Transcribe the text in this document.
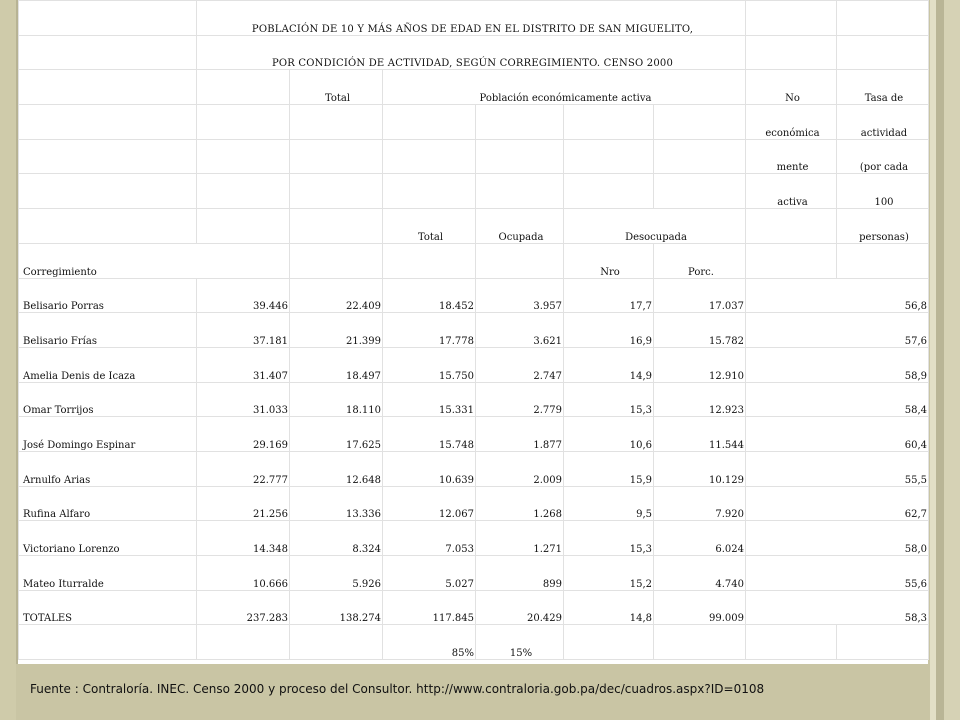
	POBLACIÓN DE 10 Y MÁS AÑOS DE EDAD EN EL DISTRITO DE SAN MIGUELITO,							
	POR CONDICIÓN DE ACTIVIDAD, SEGÚN CORREGIMIENTO. CENSO 2000							
		Total	Población económicamente activa				No	Tasa de
							económica	actividad
							mente	(por cada
							activa	100
			Total	Ocupada	Desocupada			personas)
Corregimiento					Nro	Porc.		
Belisario Porras	39.446	22.409	18.452	3.957	17,7	17.037	56,8	
Belisario Frías	37.181	21.399	17.778	3.621	16,9	15.782	57,6	
Amelia Denis de Icaza	31.407	18.497	15.750	2.747	14,9	12.910	58,9	
Omar Torrijos	31.033	18.110	15.331	2.779	15,3	12.923	58,4	
José Domingo Espinar	29.169	17.625	15.748	1.877	10,6	11.544	60,4	
Arnulfo Arias	22.777	12.648	10.639	2.009	15,9	10.129	55,5	
Rufina Alfaro	21.256	13.336	12.067	1.268	9,5	7.920	62,7	
Victoriano Lorenzo	14.348	8.324	7.053	1.271	15,3	6.024	58,0	
Mateo Iturralde	10.666	5.926	5.027	899	15,2	4.740	55,6	
TOTALES	237.283	138.274	117.845	20.429	14,8	99.009	58,3	
			85%	15%				
Fuente : Contraloría. INEC. Censo 2000 y proceso del Consultor. http://www.contraloria.gob.pa/dec/cuadros.aspx?ID=0108
